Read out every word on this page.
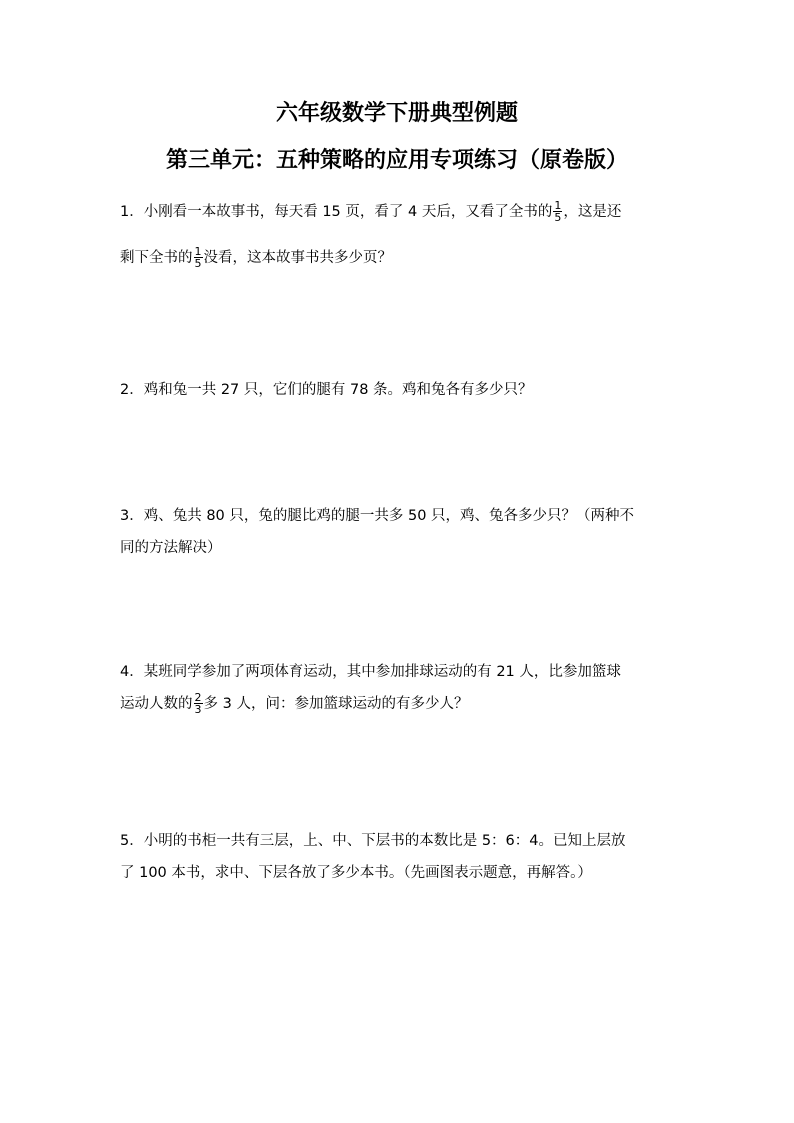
六年级数学下册典型例题
第三单元：五种策略的应用专项练习（原卷版）
1．小刚看一本故事书，每天看 15 页，看了 4 天后，又看了全书的 $\frac{1}{5}$ ，这是还
剩下全书的 $\frac{1}{5}$ 没看，这本故事书共多少页？
2．鸡和兔一共 27 只，它们的腿有 78 条。鸡和兔各有多少只？
3．鸡、兔共 80 只，兔的腿比鸡的腿一共多 50 只，鸡、兔各多少只？（两种不
同的方法解决）
4．某班同学参加了两项体育运动，其中参加排球运动的有 21 人，比参加篮球
运动人数的 $\frac{2}{3}$ 多 3 人，问：参加篮球运动的有多少人？
5．小明的书柜一共有三层，上、中、下层书的本数比是 5：6：4。已知上层放
了 100 本书，求中、下层各放了多少本书。（先画图表示题意，再解答。）
